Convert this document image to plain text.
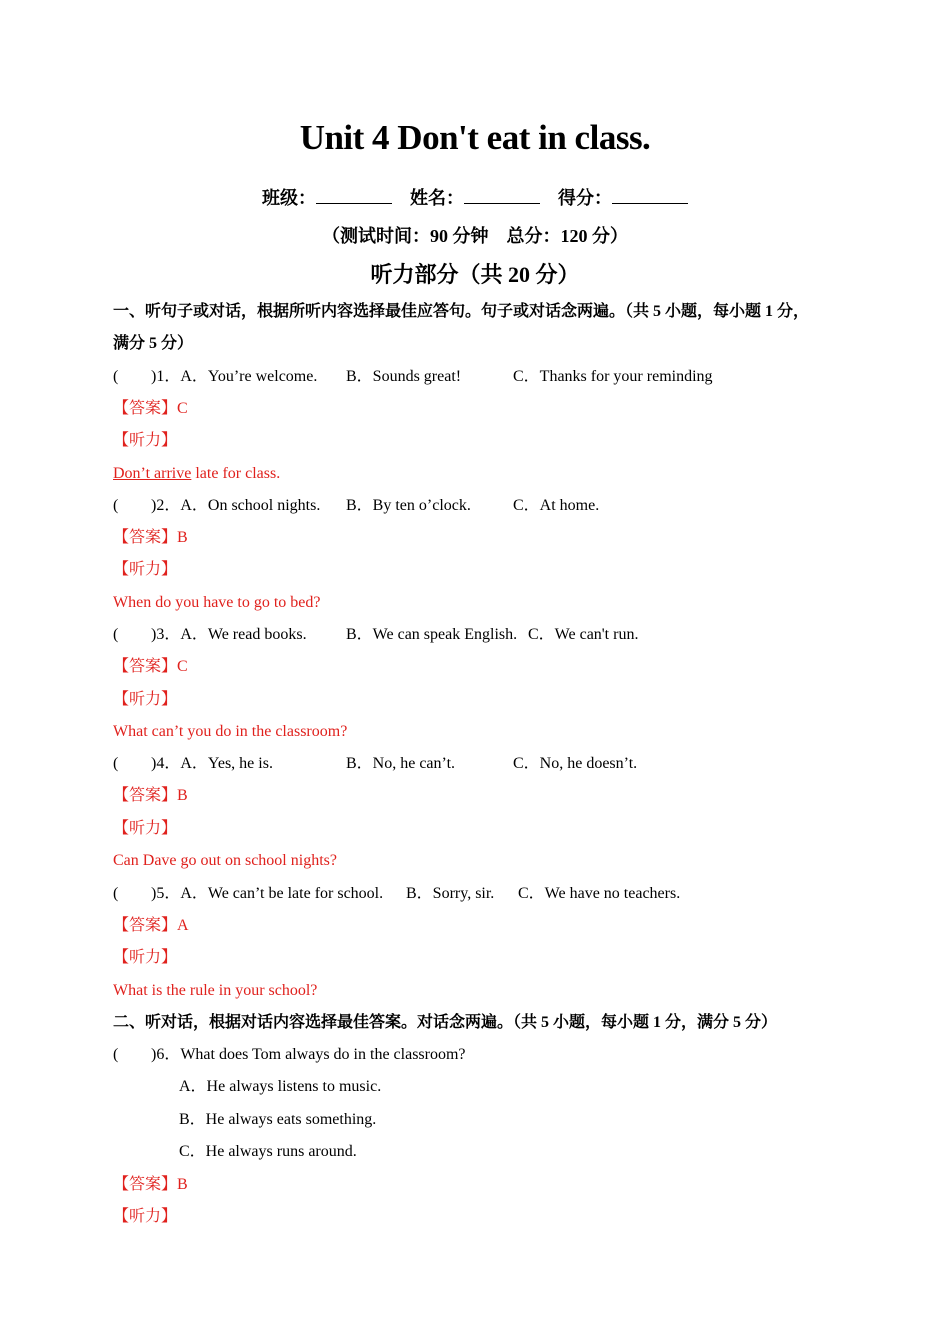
Unit 4 Don't eat in class.
班级：	姓名：	得分：
（测试时间：90 分钟　总分：120 分）
听力部分（共 20 分）
一、听句子或对话，根据所听内容选择最佳应答句。句子或对话念两遍。（共 5 小题，每小题 1 分，
满分 5 分）
( )1．A．You’re welcome. B．Sounds great!	C．Thanks for your reminding
【答案】C
【听力】
Don’t arrive late for class.
( )2．A．On school nights. B．By ten o’clock.	C．At home.
【答案】B
【听力】
When do you have to go to bed?
( )3．A．We read books. B．We can speak English. C．We can't run.
【答案】C
【听力】
What can’t you do in the classroom?
( )4．A．Yes, he is.	B．No, he can’t.	C．No, he doesn’t.
【答案】B
【听力】
Can Dave go out on school nights?
( )5．A．We can’t be late for school. B．Sorry, sir. C．We have no teachers.
【答案】A
【听力】
What is the rule in your school?
二、听对话，根据对话内容选择最佳答案。对话念两遍。（共 5 小题，每小题 1 分，满分 5 分）
( )6．What does Tom always do in the classroom?
A．He always listens to music.
B．He always eats something.
C．He always runs around.
【答案】B
【听力】
